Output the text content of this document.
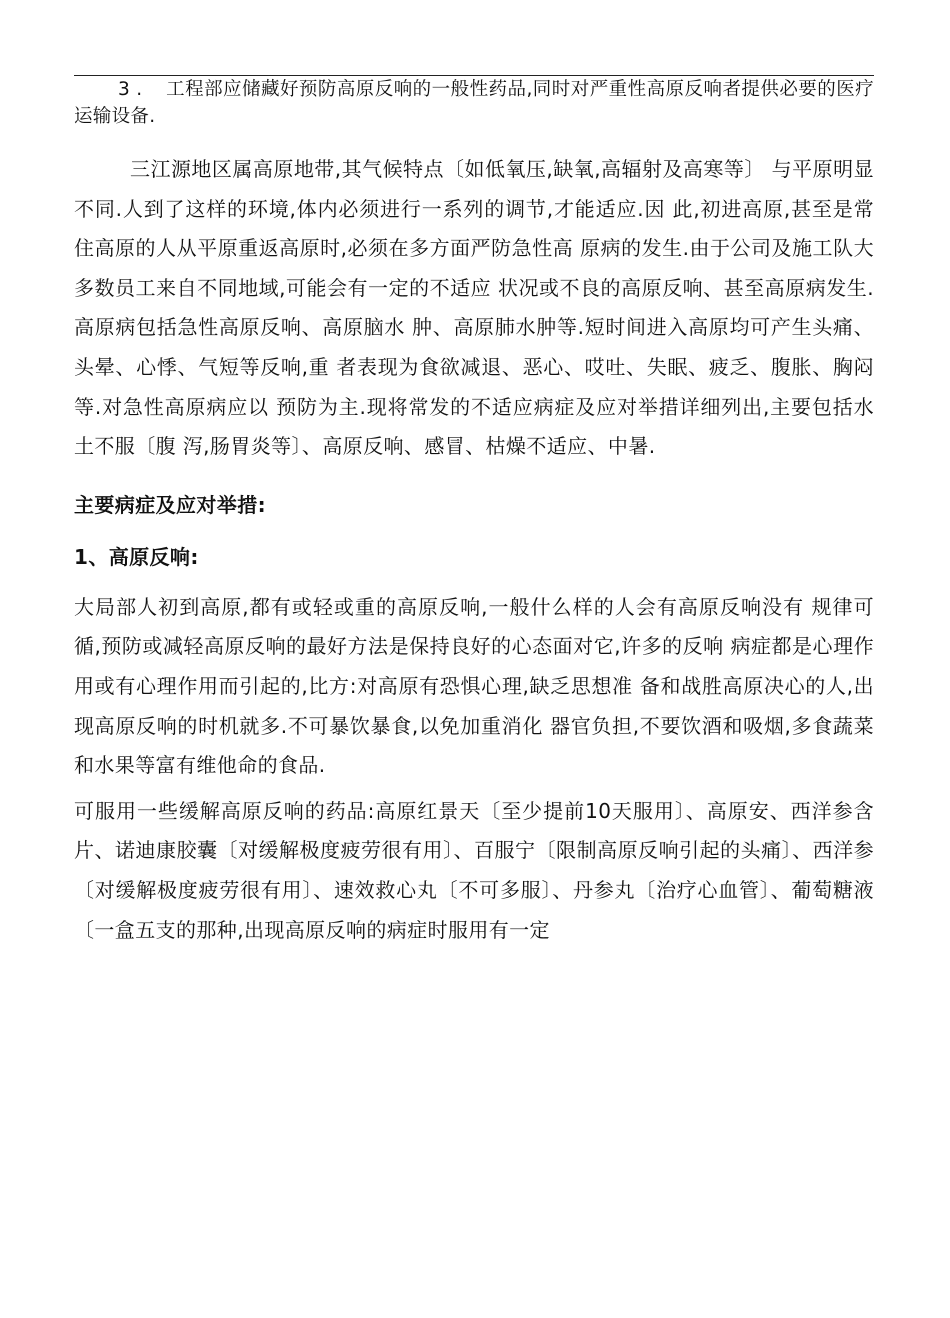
3 . 工程部应储藏好预防高原反响的一般性药品,同时对严重性高原反响者提供必要的医疗运输设备.

三江源地区属高原地带,其气候特点〔如低氧压,缺氧,高辐射及高寒等〕 与平原明显不同.人到了这样的环境,体内必须进行一系列的调节,才能适应.因 此,初进高原,甚至是常住高原的人从平原重返高原时,必须在多方面严防急性高 原病的发生.由于公司及施工队大多数员工来自不同地域,可能会有一定的不适应 状况或不良的高原反响、甚至高原病发生.高原病包括急性高原反响、高原脑水 肿、高原肺水肿等.短时间进入高原均可产生头痛、头晕、心悸、气短等反响,重 者表现为食欲减退、恶心、哎吐、失眠、疲乏、腹胀、胸闷等.对急性高原病应以 预防为主.现将常发的不适应病症及应对举措详细列出,主要包括水土不服〔腹 泻,肠胃炎等〕、高原反响、感冒、枯燥不适应、中暑.

主要病症及应对举措:

1、高原反响:

大局部人初到高原,都有或轻或重的高原反响,一般什么样的人会有高原反响没有 规律可循,预防或减轻高原反响的最好方法是保持良好的心态面对它,许多的反响 病症都是心理作用或有心理作用而引起的,比方:对高原有恐惧心理,缺乏思想准 备和战胜高原决心的人,出现高原反响的时机就多.不可暴饮暴食,以免加重消化 器官负担,不要饮酒和吸烟,多食蔬菜和水果等富有维他命的食品.

可服用一些缓解高原反响的药品:高原红景天〔至少提前10天服用〕、高原安、西洋参含片、诺迪康胶囊〔对缓解极度疲劳很有用〕、百服宁〔限制高原反响引起的头痛〕、西洋参〔对缓解极度疲劳很有用〕、速效救心丸〔不可多服〕、丹参丸〔治疗心血管〕、葡萄糖液〔一盒五支的那种,出现高原反响的病症时服用有一定
